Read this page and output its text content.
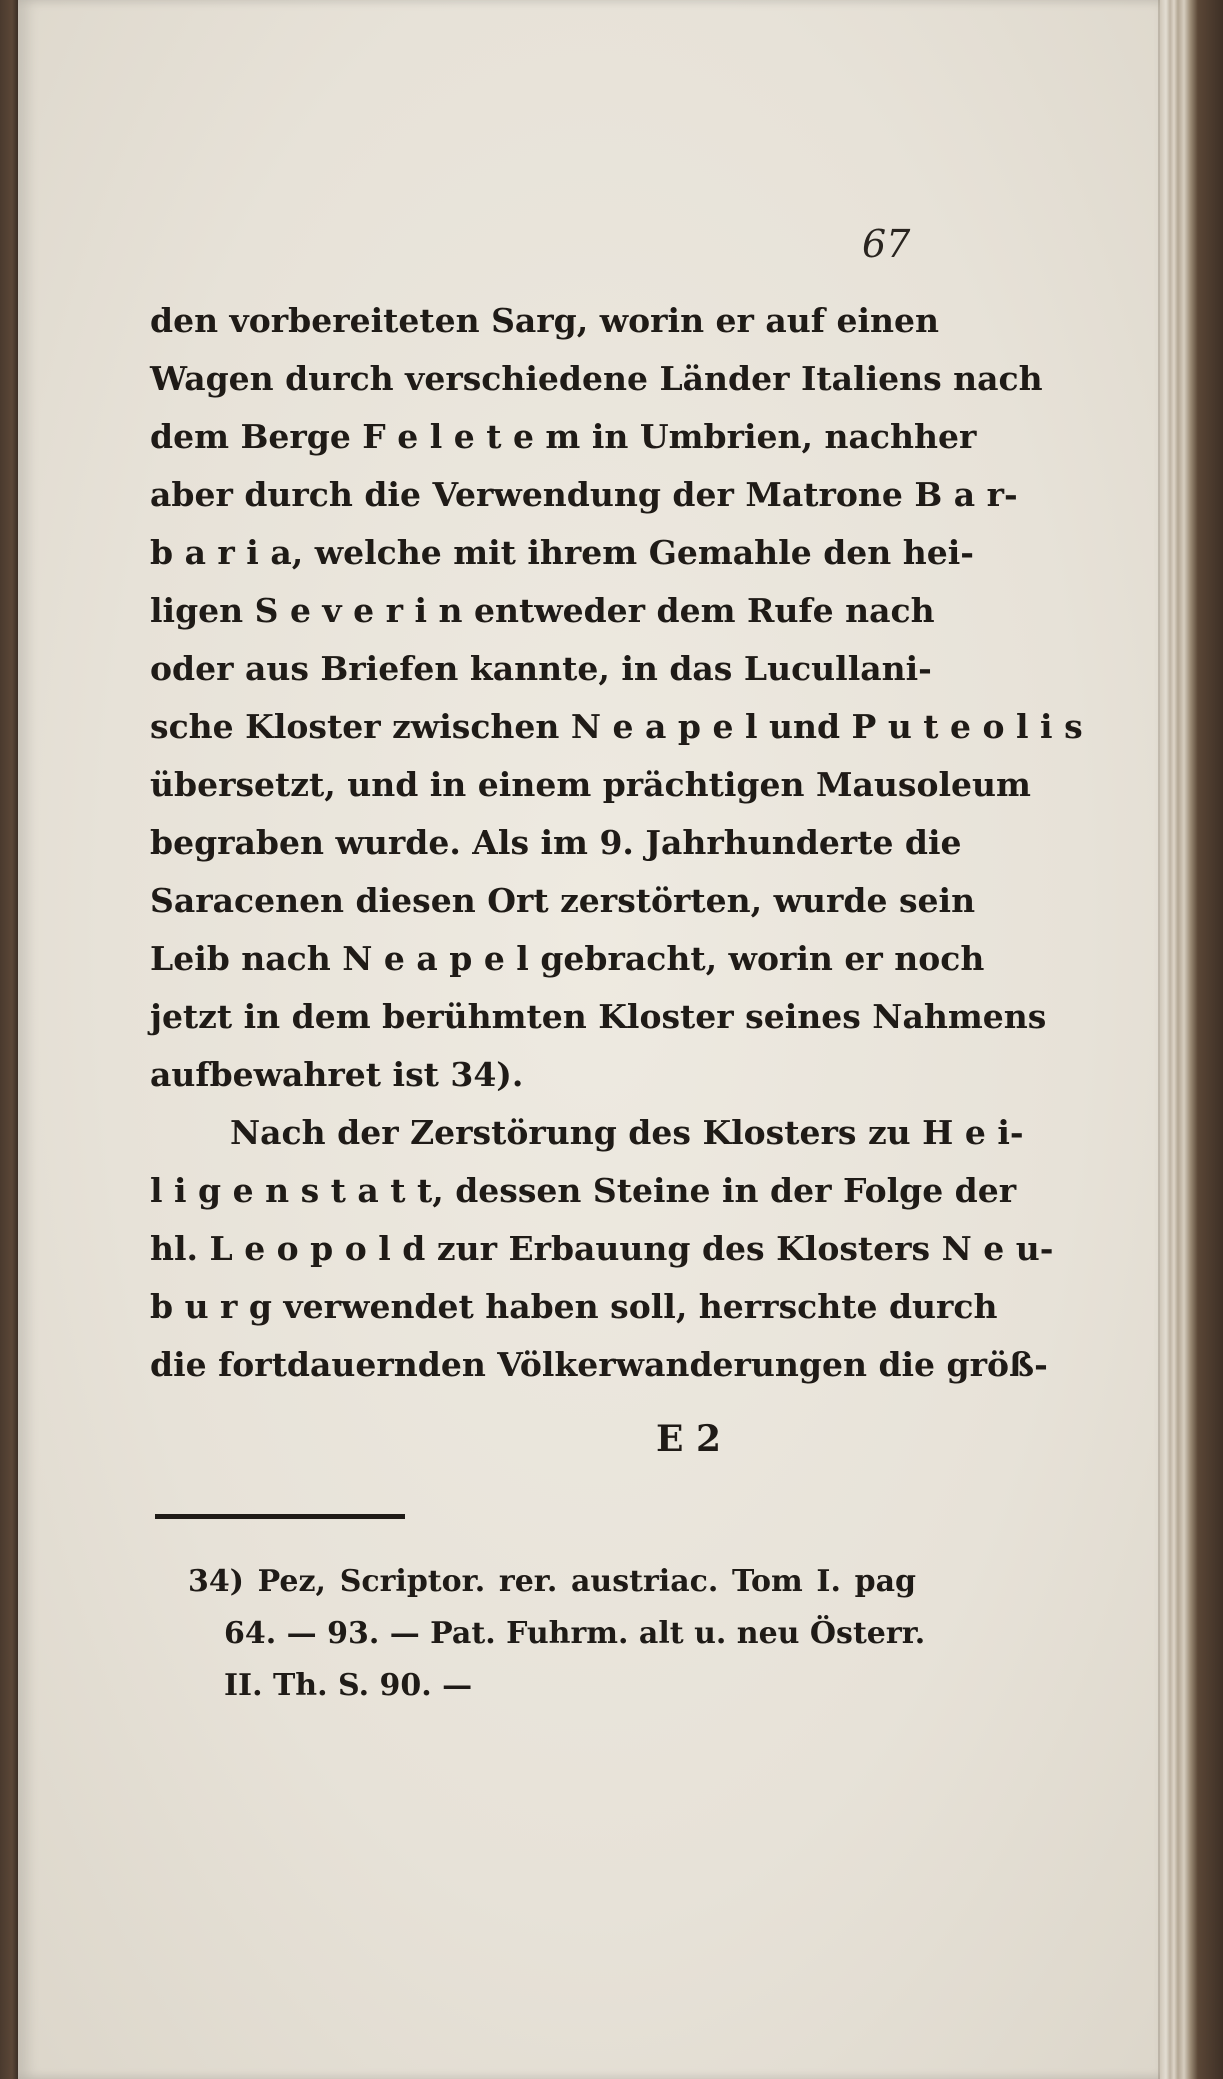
67
den vorbereiteten Sarg, worin er auf einen
Wagen durch verschiedene Länder Italiens nach
dem Berge F e l e t e m in Umbrien, nachher
aber durch die Verwendung der Matrone B a r-
b a r i a, welche mit ihrem Gemahle den hei-
ligen S e v e r i n entweder dem Rufe nach
oder aus Briefen kannte, in das Lucullani-
sche Kloster zwischen N e a p e l und P u t e o l i s
übersetzt, und in einem prächtigen Mausoleum
begraben wurde. Als im 9. Jahrhunderte die
Saracenen diesen Ort zerstörten, wurde sein
Leib nach N e a p e l gebracht, worin er noch
jetzt in dem berühmten Kloster seines Nahmens
aufbewahret ist 34).
Nach der Zerstörung des Klosters zu H e i-
l i g e n s t a t t, dessen Steine in der Folge der
hl. L e o p o l d zur Erbauung des Klosters N e u-
b u r g verwendet haben soll, herrschte durch
die fortdauernden Völkerwanderungen die größ-
E 2
34) Pez, Scriptor. rer. austriac. Tom I. pag
64. — 93. — Pat. Fuhrm. alt u. neu Österr.
II. Th. S. 90. —
